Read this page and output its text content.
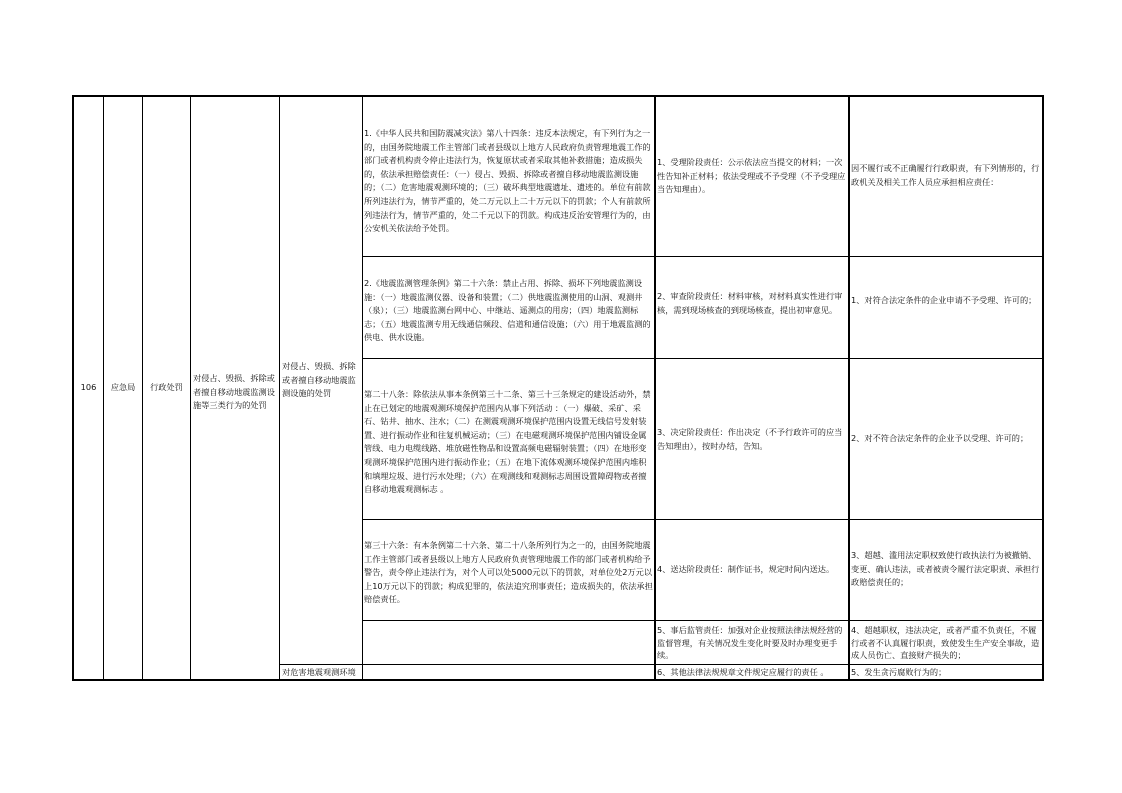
106	应急局	行政处罚
对侵占、毁损、拆除或者擅自移动地震监测设施等三类行为的处罚
对侵占、毁损、拆除或者擅自移动地震监测设施的处罚
对危害地震观测环境
1.《中华人民共和国防震减灾法》第八十四条：违反本法规定，有下列行为之一的，由国务院地震工作主管部门或者县级以上地方人民政府负责管理地震工作的部门或者机构责令停止违法行为，恢复原状或者采取其他补救措施；造成损失的，依法承担赔偿责任：（一）侵占、毁损、拆除或者擅自移动地震监测设施的；（二）危害地震观测环境的；（三）破坏典型地震遗址、遗迹的。单位有前款所列违法行为，情节严重的，处二万元以上二十万元以下的罚款；个人有前款所列违法行为，情节严重的，处二千元以下的罚款。构成违反治安管理行为的，由公安机关依法给予处罚。
2.《地震监测管理条例》第二十六条：禁止占用、拆除、损坏下列地震监测设施：（一）地震监测仪器、设备和装置；（二）供地震监测使用的山洞、观测井（泉）；（三）地震监测台网中心、中继站、遥测点的用房；（四）地震监测标志；（五）地震监测专用无线通信频段、信道和通信设施；（六）用于地震监测的供电、供水设施。
第二十八条：除依法从事本条例第三十二条、第三十三条规定的建设活动外，禁止在已划定的地震观测环境保护范围内从事下列活动 ：（一）爆破、采矿、采石、钻井、抽水、注水；（二）在测震观测环境保护范围内设置无线信号发射装置、进行振动作业和往复机械运动；（三）在电磁观测环境保护范围内铺设金属管线、电力电缆线路、堆放磁性物品和设置高频电磁辐射装置；（四）在地形变观测环境保护范围内进行振动作业；（五）在地下流体观测环境保护范围内堆积和填埋垃圾、进行污水处理；（六）在观测线和观测标志周围设置障碍物或者擅自移动地震观测标志 。
第三十六条：有本条例第二十六条、第二十八条所列行为之一的，由国务院地震工作主管部门或者县级以上地方人民政府负责管理地震工作的部门或者机构给予警告，责令停止违法行为，对个人可以处5000元以下的罚款，对单位处2万元以上10万元以下的罚款；构成犯罪的，依法追究刑事责任；造成损失的，依法承担赔偿责任。
1、受理阶段责任：公示依法应当提交的材料；一次性告知补正材料；依法受理或不予受理（不予受理应当告知理由）。
2、审查阶段责任：材料审核，对材料真实性进行审核，需到现场核查的到现场核查，提出初审意见。
3、决定阶段责任：作出决定（不予行政许可的应当告知理由），按时办结，告知。
4、送达阶段责任：制作证书，规定时间内送达。
5、事后监管责任：加强对企业按照法律法规经营的监督管理，有关情况发生变化时要及时办理变更手续。
6、其他法律法规规章文件规定应履行的责任 。
因不履行或不正确履行行政职责，有下列情形的，行政机关及相关工作人员应承担相应责任：
1、对符合法定条件的企业申请不予受理、许可的；
2、对不符合法定条件的企业予以受理、许可的；
3、超越、滥用法定职权致使行政执法行为被撤销、变更、确认违法，或者被责令履行法定职责、承担行政赔偿责任的；
4、超越职权，违法决定，或者严重不负责任，不履行或者不认真履行职责，致使发生生产安全事故，造成人员伤亡、直接财产损失的；
5、发生贪污腐败行为的；
